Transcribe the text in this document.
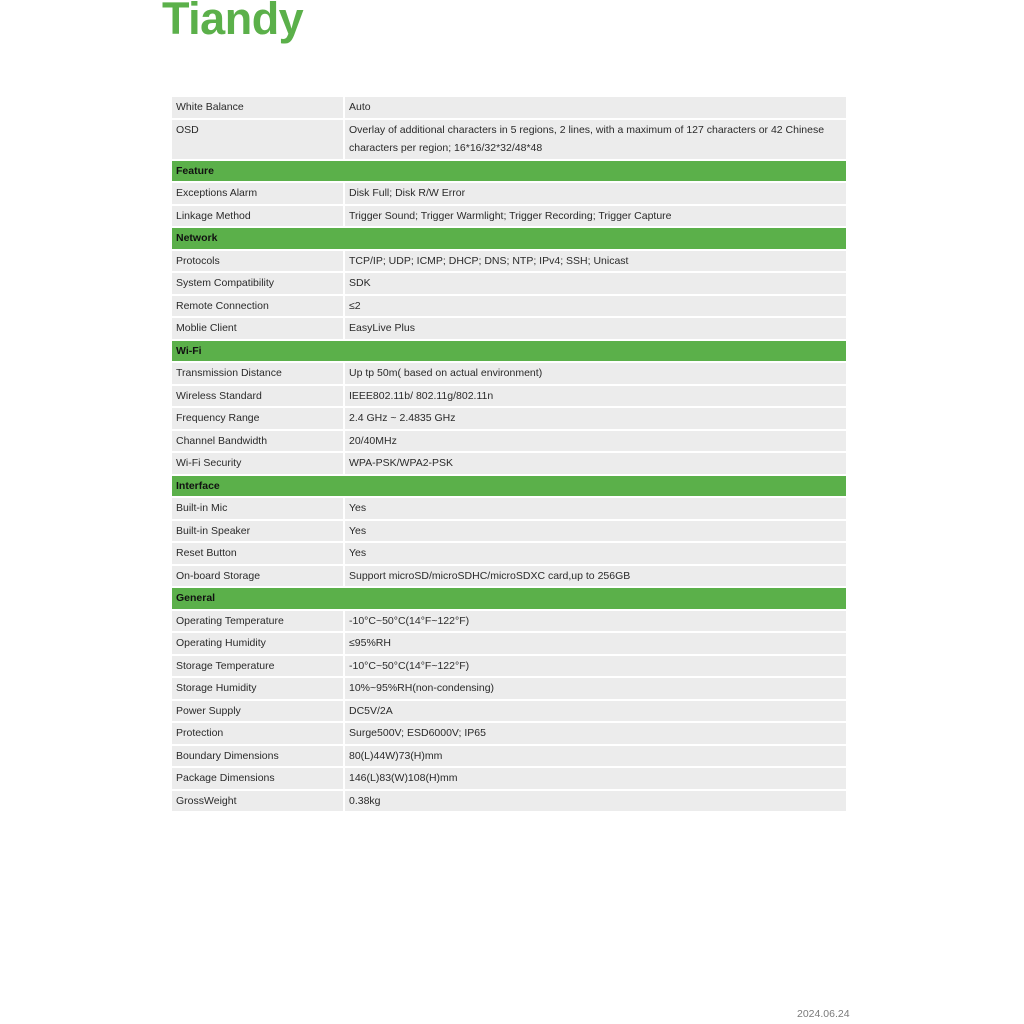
Tiandy
White Balance	Auto
OSD	Overlay of additional characters in 5 regions, 2 lines, with a maximum of 127 characters or 42 Chinese characters per region; 16*16/32*32/48*48
Feature	
Exceptions Alarm	Disk Full; Disk R/W Error
Linkage Method	Trigger Sound; Trigger Warmlight; Trigger Recording; Trigger Capture
Network	
Protocols	TCP/IP; UDP; ICMP; DHCP; DNS; NTP; IPv4; SSH; Unicast
System Compatibility	SDK
Remote Connection	≤2
Moblie Client	EasyLive Plus
Wi-Fi	
Transmission Distance	Up tp 50m( based on actual environment)
Wireless Standard	IEEE802.11b/ 802.11g/802.11n
Frequency Range	2.4 GHz ~ 2.4835 GHz
Channel Bandwidth	20/40MHz
Wi-Fi Security	WPA-PSK/WPA2-PSK
Interface	
Built-in Mic	Yes
Built-in Speaker	Yes
Reset Button	Yes
On-board Storage	Support microSD/microSDHC/microSDXC card,up to 256GB
General	
Operating Temperature	-10°C~50°C(14°F~122°F)
Operating Humidity	≤95%RH
Storage Temperature	-10°C~50°C(14°F~122°F)
Storage Humidity	10%~95%RH(non-condensing)
Power Supply	DC5V/2A
Protection	Surge500V; ESD6000V; IP65
Boundary Dimensions	80(L)44W)73(H)mm
Package Dimensions	146(L)83(W)108(H)mm
GrossWeight	0.38kg
2024.06.24
